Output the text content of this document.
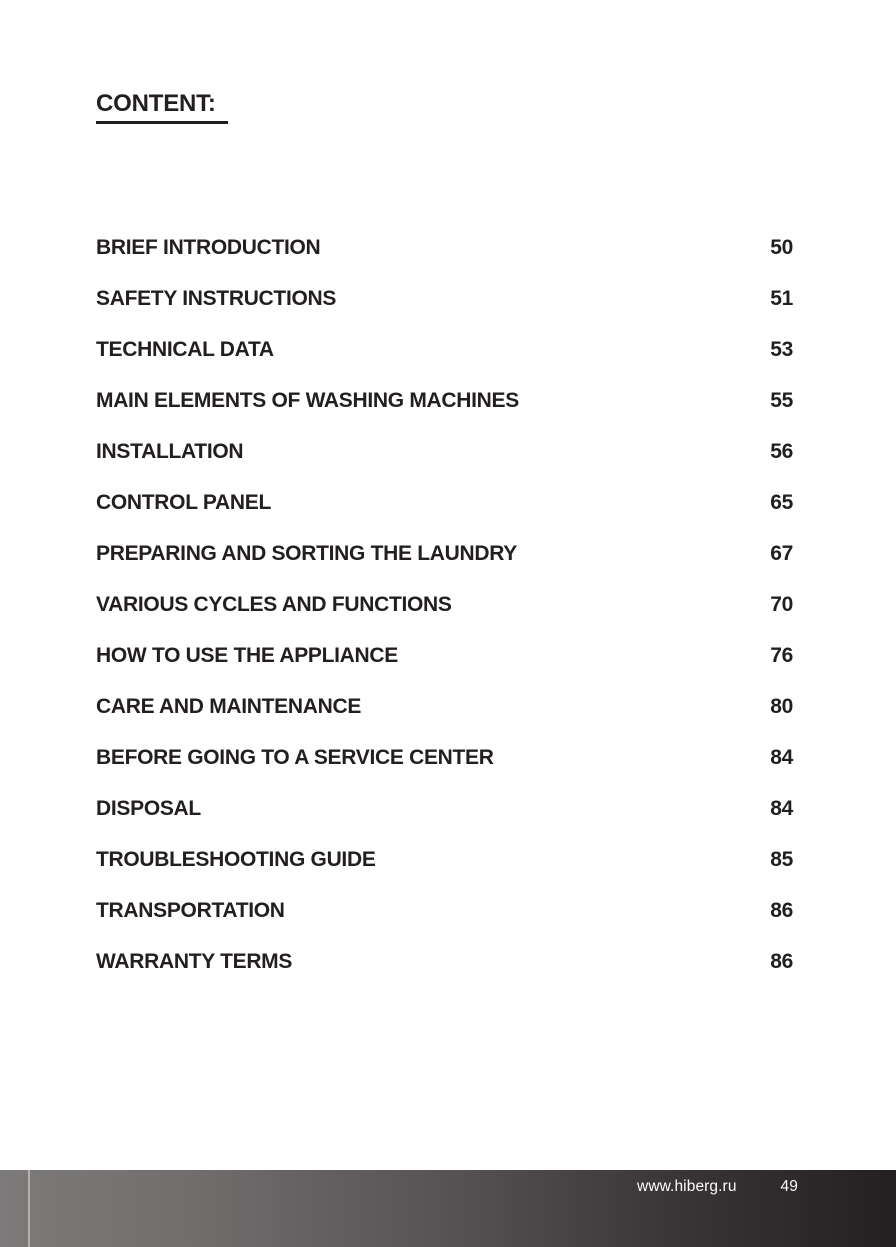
CONTENT:
BRIEF INTRODUCTION	50
SAFETY INSTRUCTIONS	51
TECHNICAL DATA	53
MAIN ELEMENTS OF WASHING MACHINES	55
INSTALLATION	56
CONTROL PANEL	65
PREPARING AND SORTING THE LAUNDRY	67
VARIOUS CYCLES AND FUNCTIONS	70
HOW TO USE THE APPLIANCE	76
CARE AND MAINTENANCE	80
BEFORE GOING TO A SERVICE CENTER	84
DISPOSAL	84
TROUBLESHOOTING GUIDE	85
TRANSPORTATION	86
WARRANTY TERMS	86
www.hiberg.ru	49
